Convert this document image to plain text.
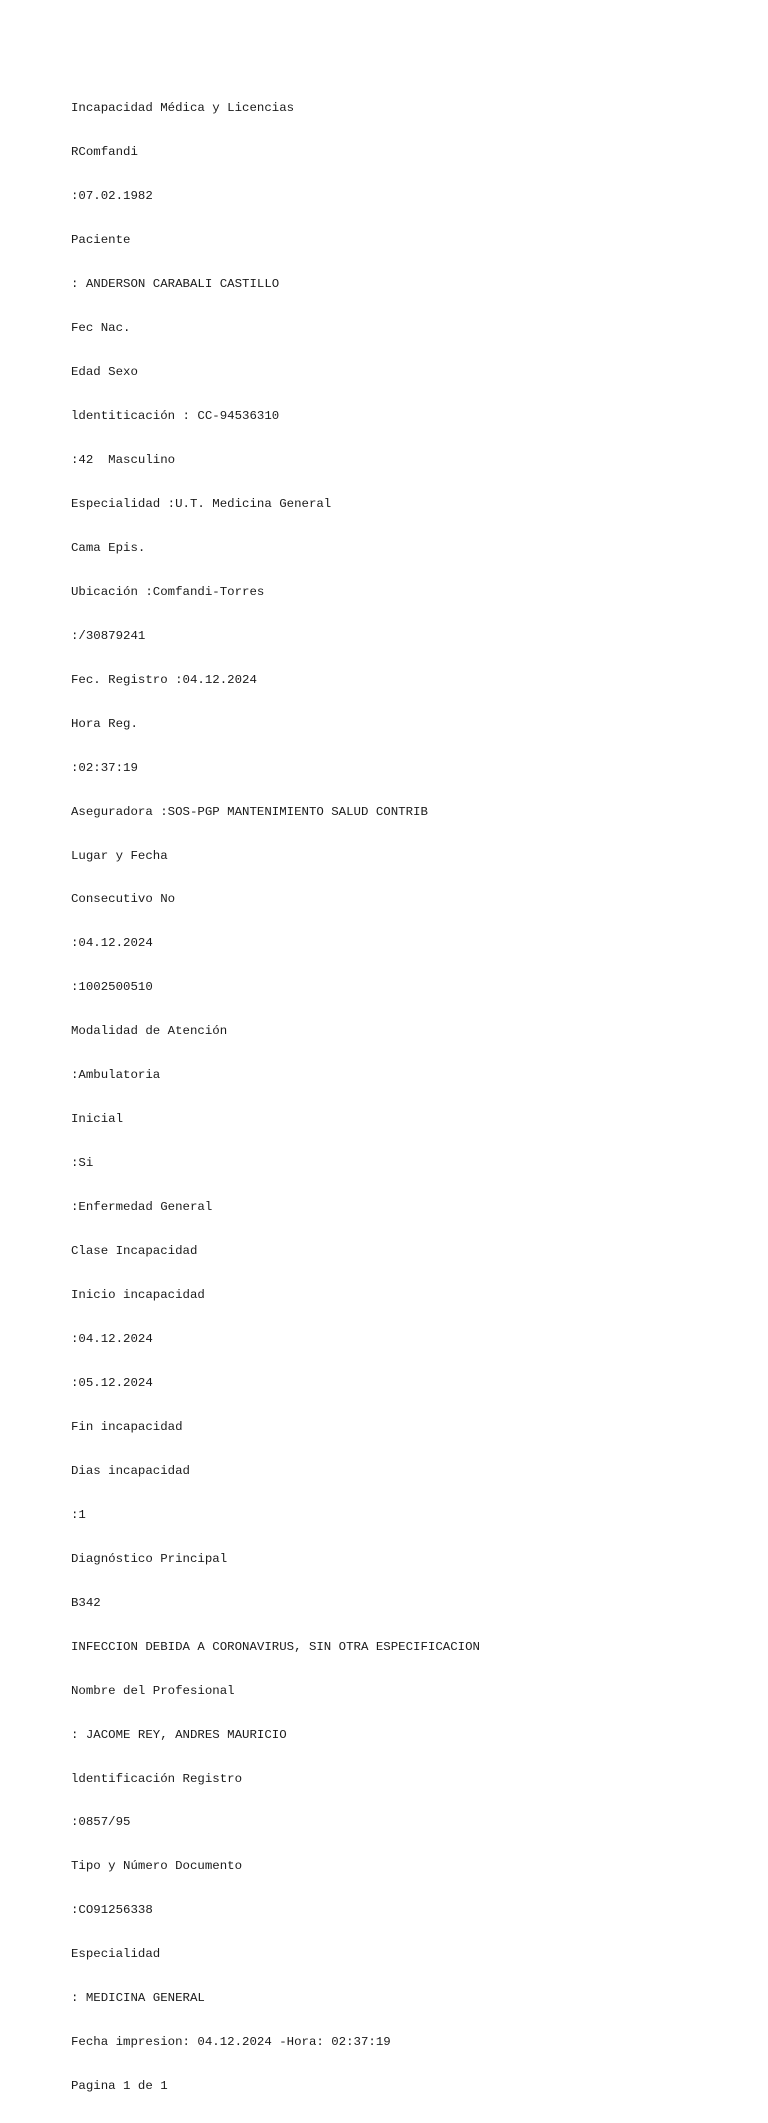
Incapacidad Médica y Licencias

RComfandi

:07.02.1982

Paciente

: ANDERSON CARABALI CASTILLO

Fec Nac.

Edad Sexo

ldentiticación : CC-94536310

:42  Masculino

Especialidad :U.T. Medicina General

Cama Epis.

Ubicación :Comfandi-Torres

:/30879241

Fec. Registro :04.12.2024

Hora Reg.

:02:37:19

Aseguradora :SOS-PGP MANTENIMIENTO SALUD CONTRIB

Lugar y Fecha

Consecutivo No

:04.12.2024

:1002500510

Modalidad de Atención

:Ambulatoria

Inicial

:Si

:Enfermedad General

Clase Incapacidad

Inicio incapacidad

:04.12.2024

:05.12.2024

Fin incapacidad

Dias incapacidad

:1

Diagnóstico Principal

B342

INFECCION DEBIDA A CORONAVIRUS, SIN OTRA ESPECIFICACION

Nombre del Profesional

: JACOME REY, ANDRES MAURICIO

ldentificación Registro

:0857/95

Tipo y Número Documento

:CO91256338

Especialidad

: MEDICINA GENERAL

Fecha impresion: 04.12.2024 -Hora: 02:37:19

Pagina 1 de 1
